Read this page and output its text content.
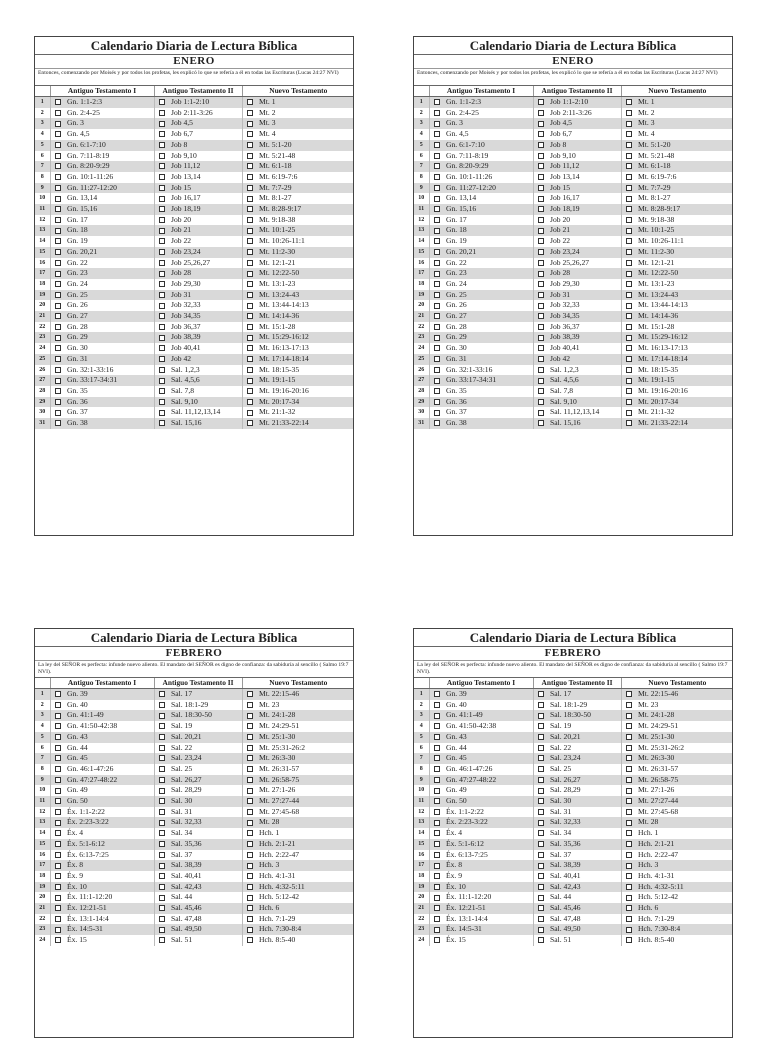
Calendario Diaria de Lectura Bíblica
ENERO
Entonces, comenzando por Moisés y por todos los profetas, les explicó lo que se refería a él en todas las Escrituras (Lucas 24:27 NVI)
	Antiguo Testamento I		Antiguo Testamento II		Nuevo Testamento	
1		Gn. 1:1-2:3		Job 1:1-2:10		Mt. 1
2		Gn. 2:4-25		Job 2:11-3:26		Mt. 2
3		Gn. 3		Job 4,5		Mt. 3
4		Gn. 4,5		Job 6,7		Mt. 4
5		Gn. 6:1-7:10		Job 8		Mt. 5:1-20
6		Gn. 7:11-8:19		Job 9,10		Mt. 5:21-48
7		Gn. 8:20-9:29		Job 11,12		Mt. 6:1-18
8		Gn. 10:1-11:26		Job 13,14		Mt. 6:19-7:6
9		Gn. 11:27-12:20		Job 15		Mt. 7:7-29
10		Gn. 13,14		Job 16,17		Mt. 8:1-27
11		Gn. 15,16		Job 18,19		Mt. 8:28-9:17
12		Gn. 17		Job 20		Mt. 9:18-38
13		Gn. 18		Job 21		Mt. 10:1-25
14		Gn. 19		Job 22		Mt. 10:26-11:1
15		Gn. 20,21		Job 23,24		Mt. 11:2-30
16		Gn. 22		Job 25,26,27		Mt. 12:1-21
17		Gn. 23		Job 28		Mt. 12:22-50
18		Gn. 24		Job 29,30		Mt. 13:1-23
19		Gn. 25		Job 31		Mt. 13:24-43
20		Gn. 26		Job 32,33		Mt. 13:44-14:13
21		Gn. 27		Job 34,35		Mt. 14:14-36
22		Gn. 28		Job 36,37		Mt. 15:1-28
23		Gn. 29		Job 38,39		Mt. 15:29-16:12
24		Gn. 30		Job 40,41		Mt. 16:13-17:13
25		Gn. 31		Job 42		Mt. 17:14-18:14
26		Gn. 32:1-33:16		Sal. 1,2,3		Mt. 18:15-35
27		Gn. 33:17-34:31		Sal. 4,5,6		Mt. 19:1-15
28		Gn. 35		Sal. 7,8		Mt. 19:16-20:16
29		Gn. 36		Sal. 9,10		Mt. 20:17-34
30		Gn. 37		Sal. 11,12,13,14		Mt. 21:1-32
31		Gn. 38		Sal. 15,16		Mt. 21:33-22:14
Calendario Diaria de Lectura Bíblica
ENERO
Entonces, comenzando por Moisés y por todos los profetas, les explicó lo que se refería a él en todas las Escrituras (Lucas 24:27 NVI)
	Antiguo Testamento I		Antiguo Testamento II		Nuevo Testamento	
1		Gn. 1:1-2:3		Job 1:1-2:10		Mt. 1
2		Gn. 2:4-25		Job 2:11-3:26		Mt. 2
3		Gn. 3		Job 4,5		Mt. 3
4		Gn. 4,5		Job 6,7		Mt. 4
5		Gn. 6:1-7:10		Job 8		Mt. 5:1-20
6		Gn. 7:11-8:19		Job 9,10		Mt. 5:21-48
7		Gn. 8:20-9:29		Job 11,12		Mt. 6:1-18
8		Gn. 10:1-11:26		Job 13,14		Mt. 6:19-7:6
9		Gn. 11:27-12:20		Job 15		Mt. 7:7-29
10		Gn. 13,14		Job 16,17		Mt. 8:1-27
11		Gn. 15,16		Job 18,19		Mt. 8:28-9:17
12		Gn. 17		Job 20		Mt. 9:18-38
13		Gn. 18		Job 21		Mt. 10:1-25
14		Gn. 19		Job 22		Mt. 10:26-11:1
15		Gn. 20,21		Job 23,24		Mt. 11:2-30
16		Gn. 22		Job 25,26,27		Mt. 12:1-21
17		Gn. 23		Job 28		Mt. 12:22-50
18		Gn. 24		Job 29,30		Mt. 13:1-23
19		Gn. 25		Job 31		Mt. 13:24-43
20		Gn. 26		Job 32,33		Mt. 13:44-14:13
21		Gn. 27		Job 34,35		Mt. 14:14-36
22		Gn. 28		Job 36,37		Mt. 15:1-28
23		Gn. 29		Job 38,39		Mt. 15:29-16:12
24		Gn. 30		Job 40,41		Mt. 16:13-17:13
25		Gn. 31		Job 42		Mt. 17:14-18:14
26		Gn. 32:1-33:16		Sal. 1,2,3		Mt. 18:15-35
27		Gn. 33:17-34:31		Sal. 4,5,6		Mt. 19:1-15
28		Gn. 35		Sal. 7,8		Mt. 19:16-20:16
29		Gn. 36		Sal. 9,10		Mt. 20:17-34
30		Gn. 37		Sal. 11,12,13,14		Mt. 21:1-32
31		Gn. 38		Sal. 15,16		Mt. 21:33-22:14
Calendario Diaria de Lectura Bíblica
FEBRERO
La ley del SEÑOR es perfecta: infunde nuevo aliento. El mandato del SEÑOR es digno de confianza: da sabiduría al sencillo ( Salmo 19:7 NVI).
	Antiguo Testamento I		Antiguo Testamento II		Nuevo Testamento	
1		Gn. 39		Sal. 17		Mt. 22:15-46
2		Gn. 40		Sal. 18:1-29		Mt. 23
3		Gn. 41:1-49		Sal. 18:30-50		Mt. 24:1-28
4		Gn. 41:50-42:38		Sal. 19		Mt. 24:29-51
5		Gn. 43		Sal. 20,21		Mt. 25:1-30
6		Gn. 44		Sal. 22		Mt. 25:31-26:2
7		Gn. 45		Sal. 23,24		Mt. 26:3-30
8		Gn. 46:1-47:26		Sal. 25		Mt. 26:31-57
9		Gn. 47:27-48:22		Sal. 26,27		Mt. 26:58-75
10		Gn. 49		Sal. 28,29		Mt. 27:1-26
11		Gn. 50		Sal. 30		Mt. 27:27-44
12		Éx. 1:1-2:22		Sal. 31		Mt. 27:45-68
13		Éx. 2:23-3:22		Sal. 32,33		Mt. 28
14		Éx. 4		Sal. 34		Hch. 1
15		Éx. 5:1-6:12		Sal. 35,36		Hch. 2:1-21
16		Éx. 6:13-7:25		Sal. 37		Hch. 2:22-47
17		Éx. 8		Sal. 38,39		Hch. 3
18		Éx. 9		Sal. 40,41		Hch. 4:1-31
19		Éx. 10		Sal. 42,43		Hch. 4:32-5:11
20		Éx. 11:1-12:20		Sal. 44		Hch. 5:12-42
21		Éx. 12:21-51		Sal. 45,46		Hch. 6
22		Éx. 13:1-14:4		Sal. 47,48		Hch. 7:1-29
23		Éx. 14:5-31		Sal. 49,50		Hch. 7:30-8:4
24		Éx. 15		Sal. 51		Hch. 8:5-40
Calendario Diaria de Lectura Bíblica
FEBRERO
La ley del SEÑOR es perfecta: infunde nuevo aliento. El mandato del SEÑOR es digno de confianza: da sabiduría al sencillo ( Salmo 19:7 NVI).
	Antiguo Testamento I		Antiguo Testamento II		Nuevo Testamento	
1		Gn. 39		Sal. 17		Mt. 22:15-46
2		Gn. 40		Sal. 18:1-29		Mt. 23
3		Gn. 41:1-49		Sal. 18:30-50		Mt. 24:1-28
4		Gn. 41:50-42:38		Sal. 19		Mt. 24:29-51
5		Gn. 43		Sal. 20,21		Mt. 25:1-30
6		Gn. 44		Sal. 22		Mt. 25:31-26:2
7		Gn. 45		Sal. 23,24		Mt. 26:3-30
8		Gn. 46:1-47:26		Sal. 25		Mt. 26:31-57
9		Gn. 47:27-48:22		Sal. 26,27		Mt. 26:58-75
10		Gn. 49		Sal. 28,29		Mt. 27:1-26
11		Gn. 50		Sal. 30		Mt. 27:27-44
12		Éx. 1:1-2:22		Sal. 31		Mt. 27:45-68
13		Éx. 2:23-3:22		Sal. 32,33		Mt. 28
14		Éx. 4		Sal. 34		Hch. 1
15		Éx. 5:1-6:12		Sal. 35,36		Hch. 2:1-21
16		Éx. 6:13-7:25		Sal. 37		Hch. 2:22-47
17		Éx. 8		Sal. 38,39		Hch. 3
18		Éx. 9		Sal. 40,41		Hch. 4:1-31
19		Éx. 10		Sal. 42,43		Hch. 4:32-5:11
20		Éx. 11:1-12:20		Sal. 44		Hch. 5:12-42
21		Éx. 12:21-51		Sal. 45,46		Hch. 6
22		Éx. 13:1-14:4		Sal. 47,48		Hch. 7:1-29
23		Éx. 14:5-31		Sal. 49,50		Hch. 7:30-8:4
24		Éx. 15		Sal. 51		Hch. 8:5-40
